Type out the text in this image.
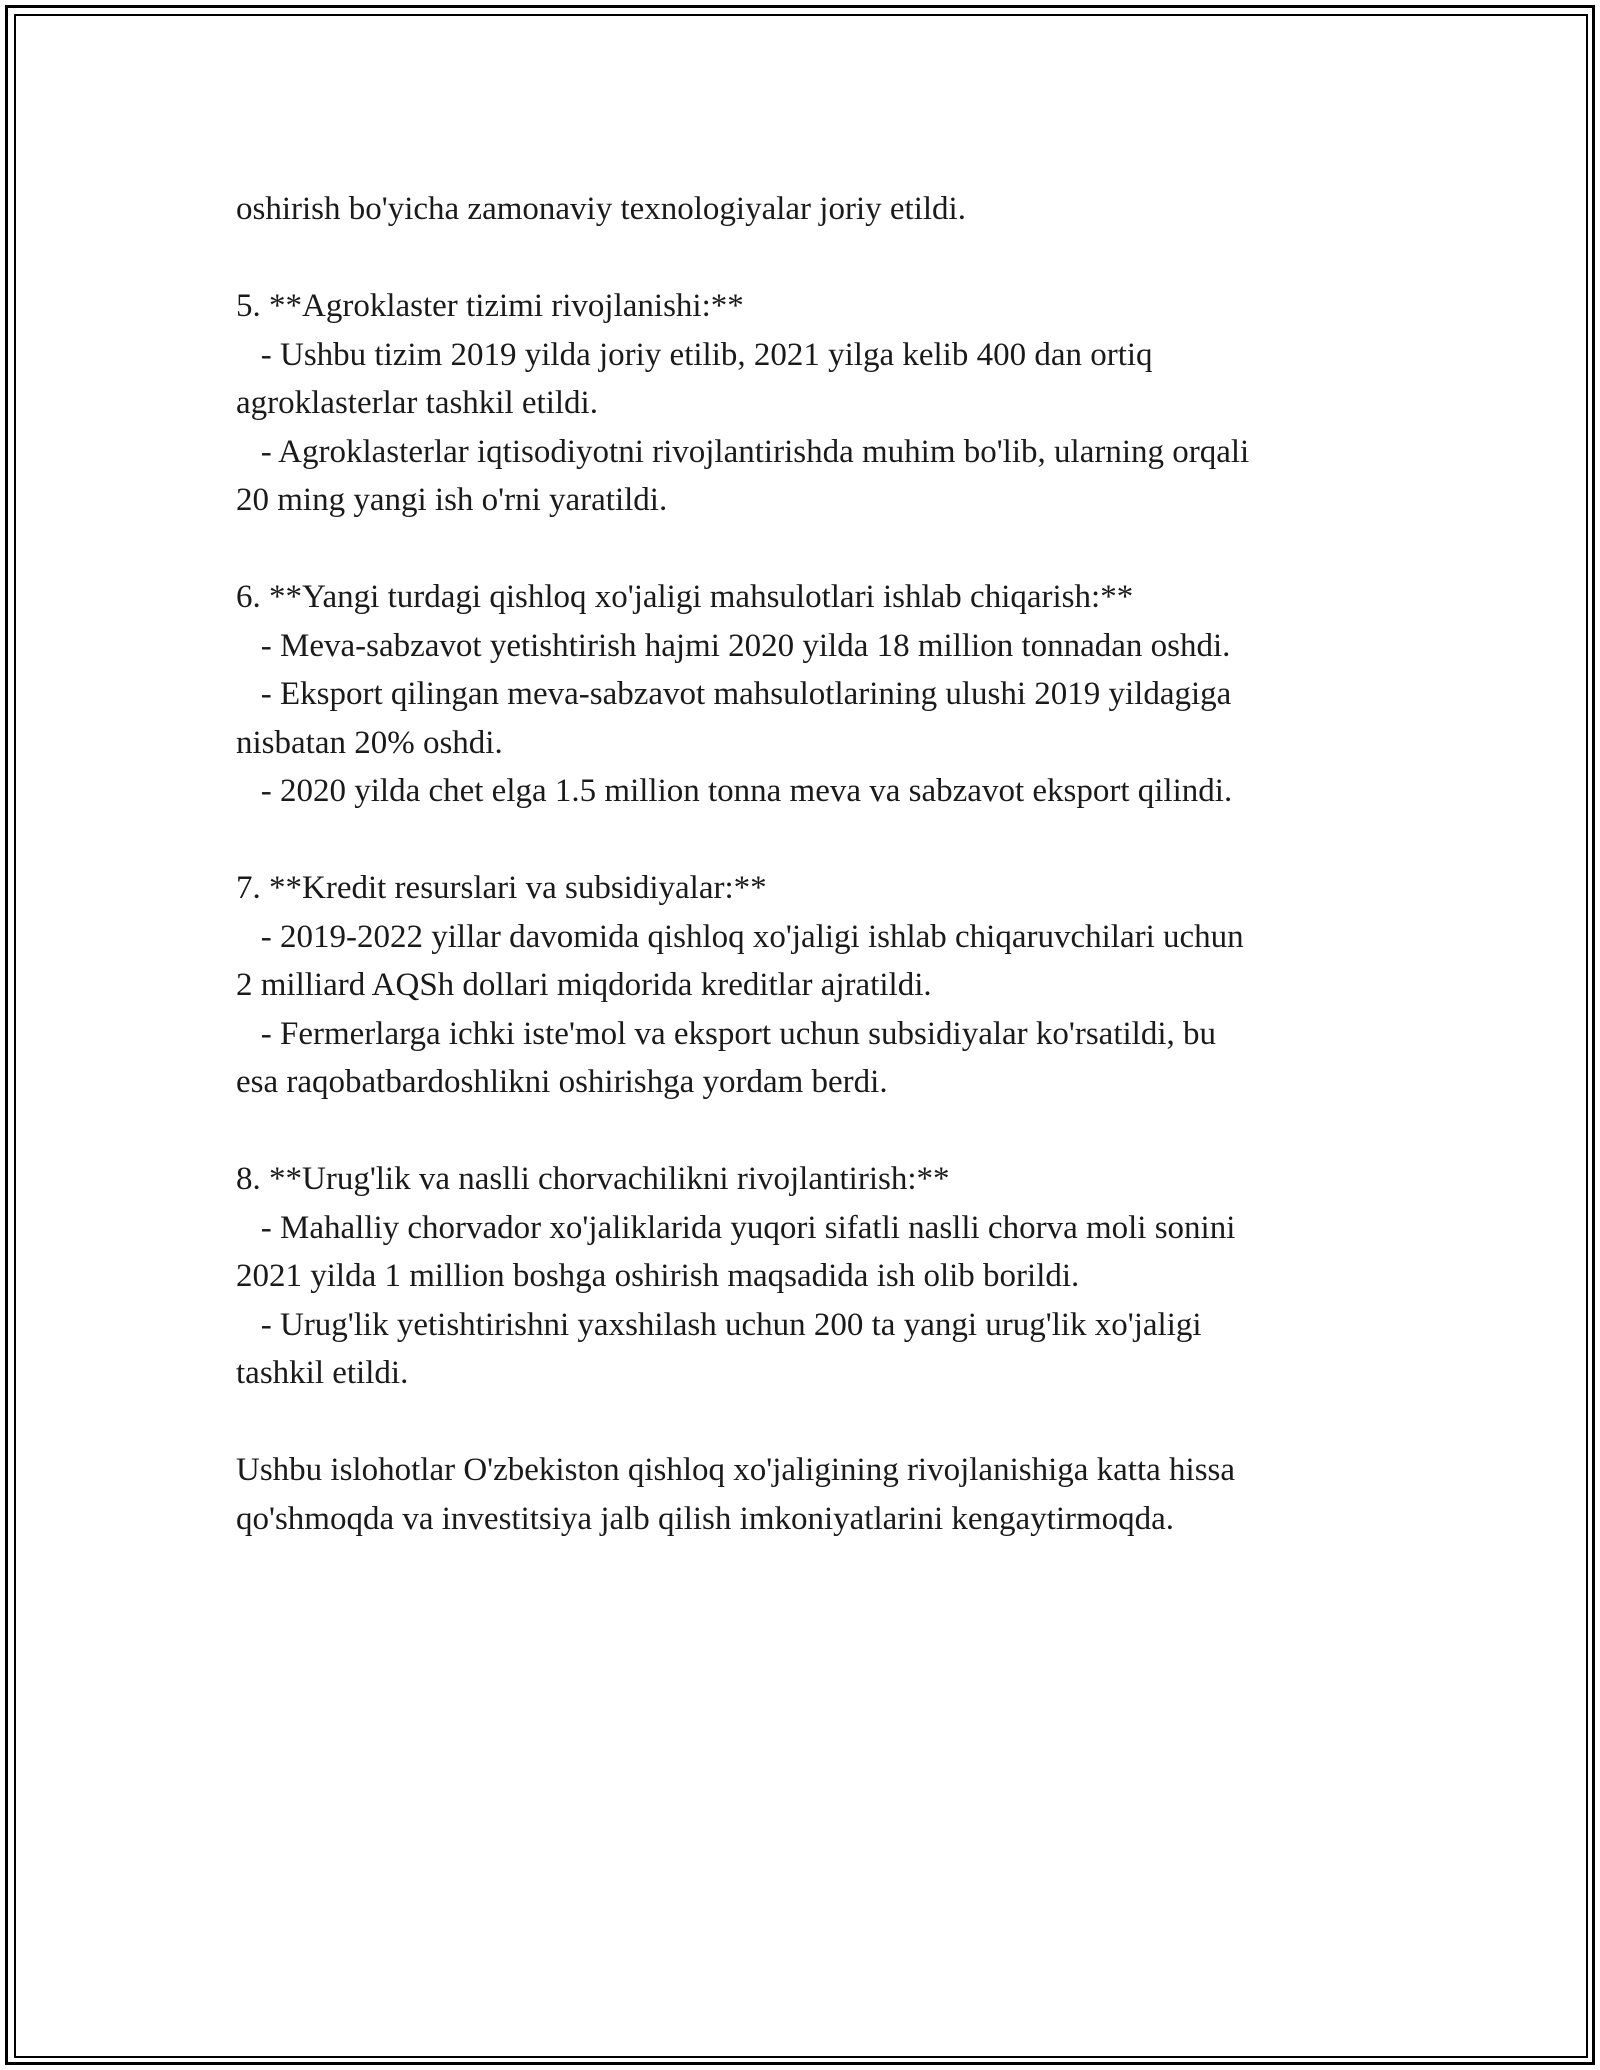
oshirish bo'yicha zamonaviy texnologiyalar joriy etildi.
5. **Agroklaster tizimi rivojlanishi:**
- Ushbu tizim 2019 yilda joriy etilib, 2021 yilga kelib 400 dan ortiq
agroklasterlar tashkil etildi.
- Agroklasterlar iqtisodiyotni rivojlantirishda muhim bo'lib, ularning orqali
20 ming yangi ish o'rni yaratildi.
6. **Yangi turdagi qishloq xo'jaligi mahsulotlari ishlab chiqarish:**
- Meva-sabzavot yetishtirish hajmi 2020 yilda 18 million tonnadan oshdi.
- Eksport qilingan meva-sabzavot mahsulotlarining ulushi 2019 yildagiga
nisbatan 20% oshdi.
- 2020 yilda chet elga 1.5 million tonna meva va sabzavot eksport qilindi.
7. **Kredit resurslari va subsidiyalar:**
- 2019-2022 yillar davomida qishloq xo'jaligi ishlab chiqaruvchilari uchun
2 milliard AQSh dollari miqdorida kreditlar ajratildi.
- Fermerlarga ichki iste'mol va eksport uchun subsidiyalar ko'rsatildi, bu
esa raqobatbardoshlikni oshirishga yordam berdi.
8. **Urug'lik va naslli chorvachilikni rivojlantirish:**
- Mahalliy chorvador xo'jaliklarida yuqori sifatli naslli chorva moli sonini
2021 yilda 1 million boshga oshirish maqsadida ish olib borildi.
- Urug'lik yetishtirishni yaxshilash uchun 200 ta yangi urug'lik xo'jaligi
tashkil etildi.
Ushbu islohotlar O'zbekiston qishloq xo'jaligining rivojlanishiga katta hissa
qo'shmoqda va investitsiya jalb qilish imkoniyatlarini kengaytirmoqda.
